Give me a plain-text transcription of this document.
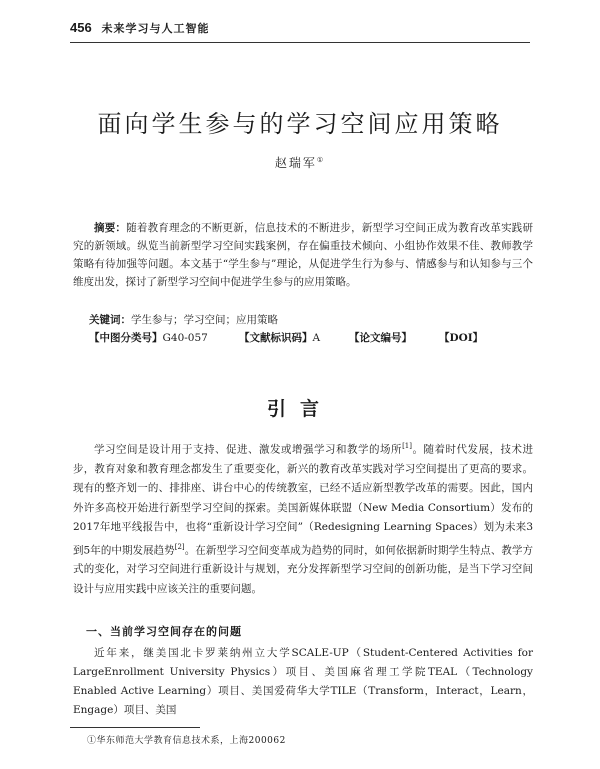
456 未来学习与人工智能
面向学生参与的学习空间应用策略
赵瑞军①
摘要：随着教育理念的不断更新，信息技术的不断进步，新型学习空间正成为教育改革实践研究的新领域。纵览当前新型学习空间实践案例，存在偏重技术倾向、小组协作效果不佳、教师教学策略有待加强等问题。本文基于“学生参与”理论，从促进学生行为参与、情感参与和认知参与三个维度出发，探讨了新型学习空间中促进学生参与的应用策略。
关键词：学生参与；学习空间；应用策略
【中图分类号】G40-057	【文献标识码】A	【论文编号】	【DOI】
引言
学习空间是设计用于支持、促进、激发或增强学习和教学的场所[1]。随着时代发展，技术进步，教育对象和教育理念都发生了重要变化，新兴的教育改革实践对学习空间提出了更高的要求。现有的整齐划一的、排排座、讲台中心的传统教室，已经不适应新型教学改革的需要。因此，国内外许多高校开始进行新型学习空间的探索。美国新媒体联盟（New Media Consortium）发布的2017年地平线报告中，也将“重新设计学习空间”（Redesigning Learning Spaces）划为未来3到5年的中期发展趋势[2]。在新型学习空间变革成为趋势的同时，如何依据新时期学生特点、教学方式的变化，对学习空间进行重新设计与规划，充分发挥新型学习空间的创新功能，是当下学习空间设计与应用实践中应该关注的重要问题。
一、当前学习空间存在的问题
近年来，继美国北卡罗莱纳州立大学SCALE-UP（Student-Centered Activities for LargeEnrollment University Physics）项目、美国麻省理工学院TEAL（Technology Enabled Active Learning）项目、美国爱荷华大学TILE（Transform，Interact，Learn，Engage）项目、美国
①华东师范大学教育信息技术系，上海200062
